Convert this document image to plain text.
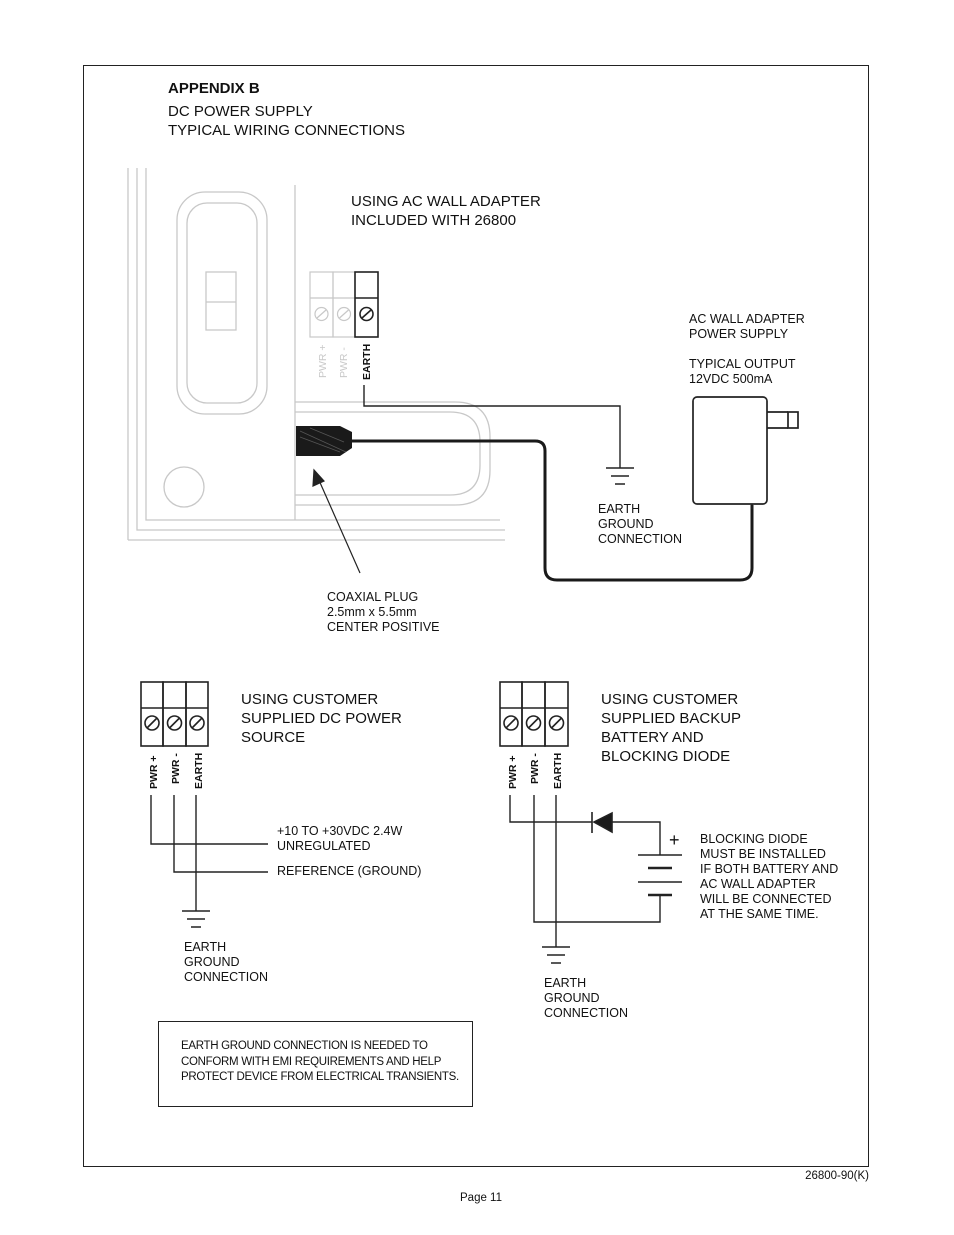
PWR + PWR - EARTH
PWR + PWR - EARTH	PWR + PWR - EARTH
+
APPENDIX B
DC POWER SUPPLY
TYPICAL WIRING CONNECTIONS
USING AC WALL ADAPTER
INCLUDED WITH 26800
AC WALL ADAPTER
POWER SUPPLY
TYPICAL OUTPUT
12VDC 500mA
EARTH
GROUND
CONNECTION
COAXIAL PLUG
2.5mm x 5.5mm
CENTER POSITIVE
USING CUSTOMER
SUPPLIED DC POWER
SOURCE
+10 TO +30VDC 2.4W
UNREGULATED
REFERENCE (GROUND)
EARTH
GROUND
CONNECTION
USING CUSTOMER
SUPPLIED BACKUP
BATTERY AND
BLOCKING DIODE
BLOCKING DIODE
MUST BE INSTALLED
IF BOTH BATTERY AND
AC WALL ADAPTER
WILL BE CONNECTED
AT THE SAME TIME.
EARTH
GROUND
CONNECTION
EARTH GROUND CONNECTION IS NEEDED TO
CONFORM WITH EMI REQUIREMENTS AND HELP
PROTECT DEVICE FROM ELECTRICAL TRANSIENTS.
26800-90(K)
Page 11
